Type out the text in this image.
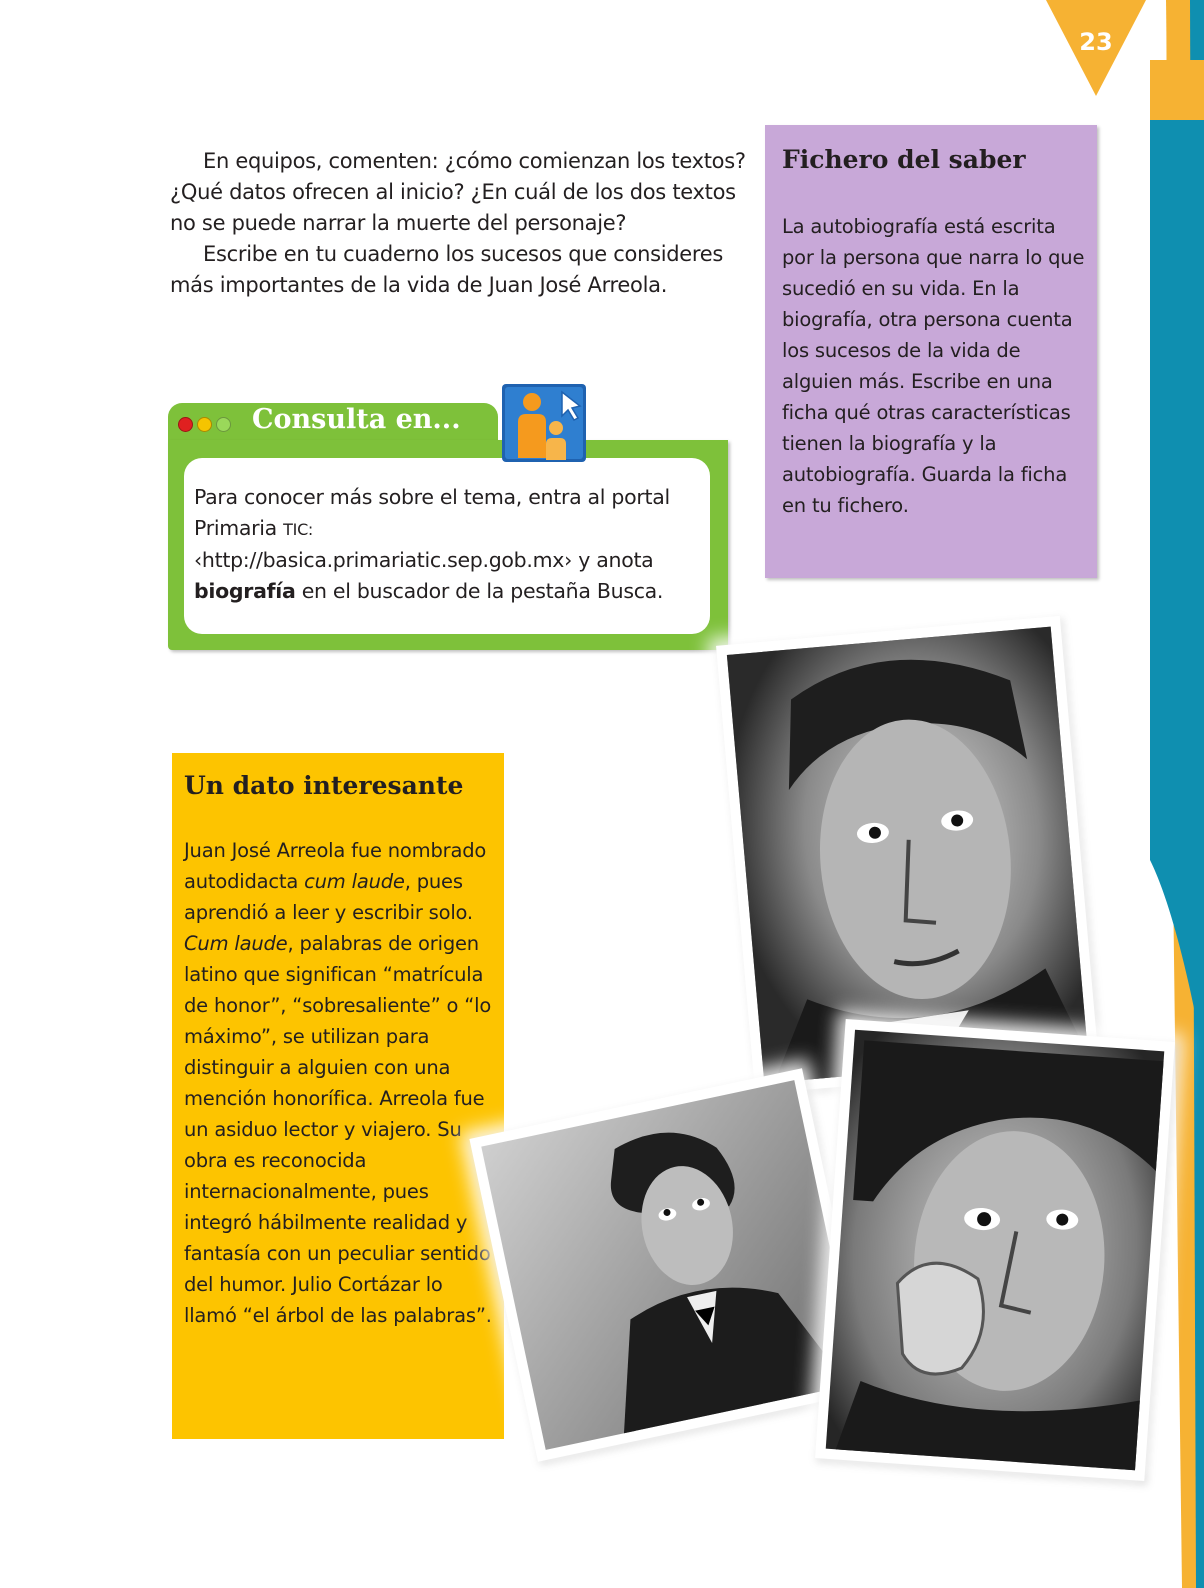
23

En equipos, comenten: ¿cómo comienzan los textos? ¿Qué datos ofrecen al inicio? ¿En cuál de los dos textos no se puede narrar la muerte del personaje?

Escribe en tu cuaderno los sucesos que consideres más importantes de la vida de Juan José Arreola.

Fichero del saber
La autobiografía está escrita por la persona que narra lo que sucedió en su vida. En la biografía, otra persona cuenta los sucesos de la vida de alguien más. Escribe en una ficha qué otras características tienen la biografía y la autobiografía. Guarda la ficha en tu fichero.
Consulta en...
Para conocer más sobre el tema, entra al portal Primaria TIC:
‹http://basica.primariatic.sep.gob.mx› y anota
biografía en el buscador de la pestaña Busca.
Un dato interesante
Juan José Arreola fue nombrado autodidacta cum laude, pues aprendió a leer y escribir solo. Cum laude, palabras de origen latino que significan “matrícula de honor”, “sobresaliente” o “lo máximo”, se utilizan para distinguir a alguien con una mención honorífica. Arreola fue un asiduo lector y viajero. Su obra es reconocida internacionalmente, pues integró hábilmente realidad y fantasía con un peculiar sentido del humor. Julio Cortázar lo llamó “el árbol de las palabras”.
